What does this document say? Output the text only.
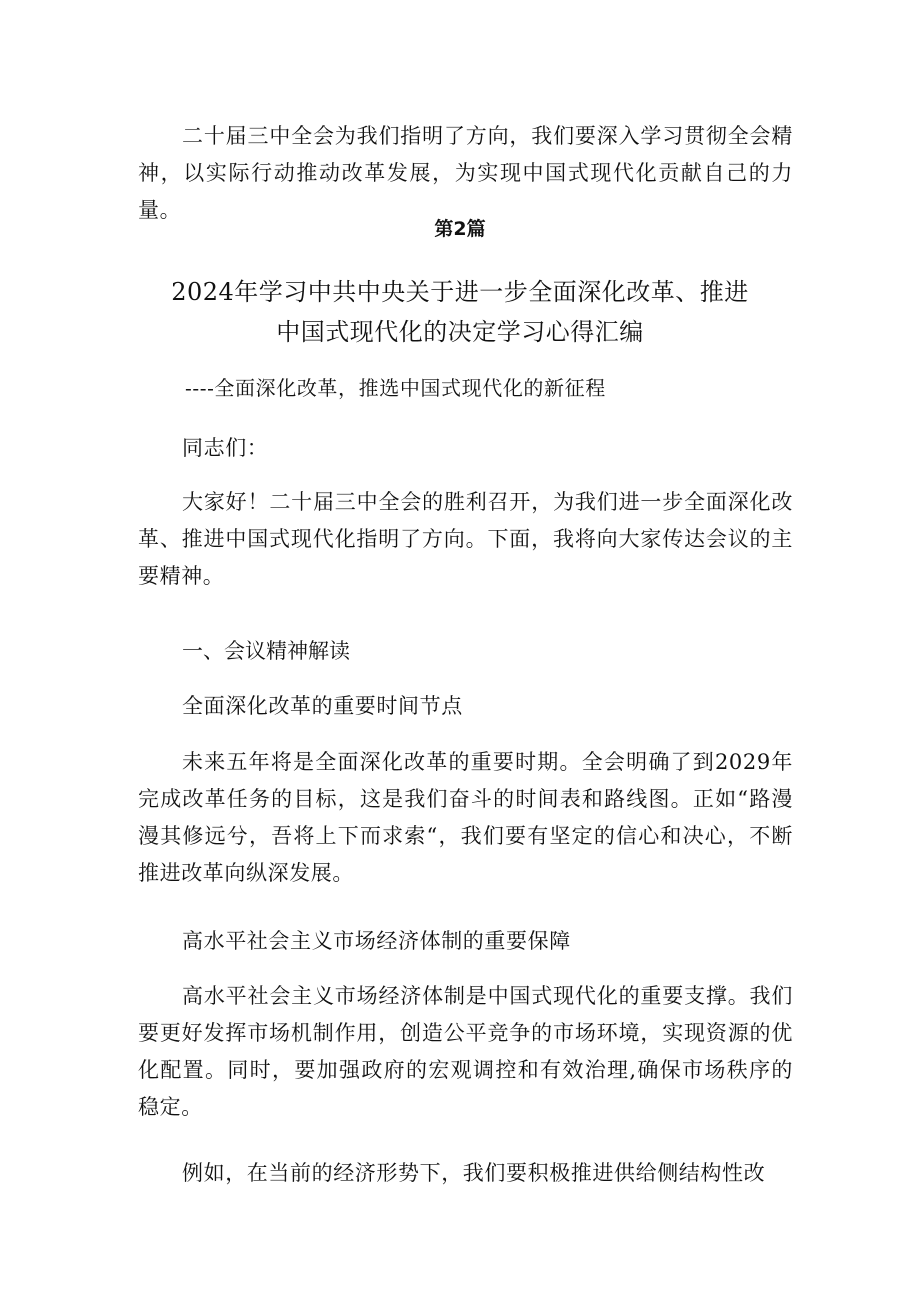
二十届三中全会为我们指明了方向，我们要深入学习贯彻全会精神，以实际行动推动改革发展，为实现中国式现代化贡献自己的力量。

第2篇

2024年学习中共中央关于进一步全面深化改革、推进
中国式现代化的决定学习心得汇编

----全面深化改革，推选中国式现代化的新征程

同志们：

大家好！二十届三中全会的胜利召开，为我们进一步全面深化改革、推进中国式现代化指明了方向。下面，我将向大家传达会议的主要精神。

一、会议精神解读

全面深化改革的重要时间节点

未来五年将是全面深化改革的重要时期。全会明确了到2029年完成改革任务的目标，这是我们奋斗的时间表和路线图。正如“路漫漫其修远兮，吾将上下而求索“，我们要有坚定的信心和决心，不断推进改革向纵深发展。

高水平社会主义市场经济体制的重要保障

高水平社会主义市场经济体制是中国式现代化的重要支撑。我们要更好发挥市场机制作用，创造公平竞争的市场环境，实现资源的优化配置。同时，要加强政府的宏观调控和有效治理,确保市场秩序的稳定。

例如，在当前的经济形势下，我们要积极推进供给侧结构性改
